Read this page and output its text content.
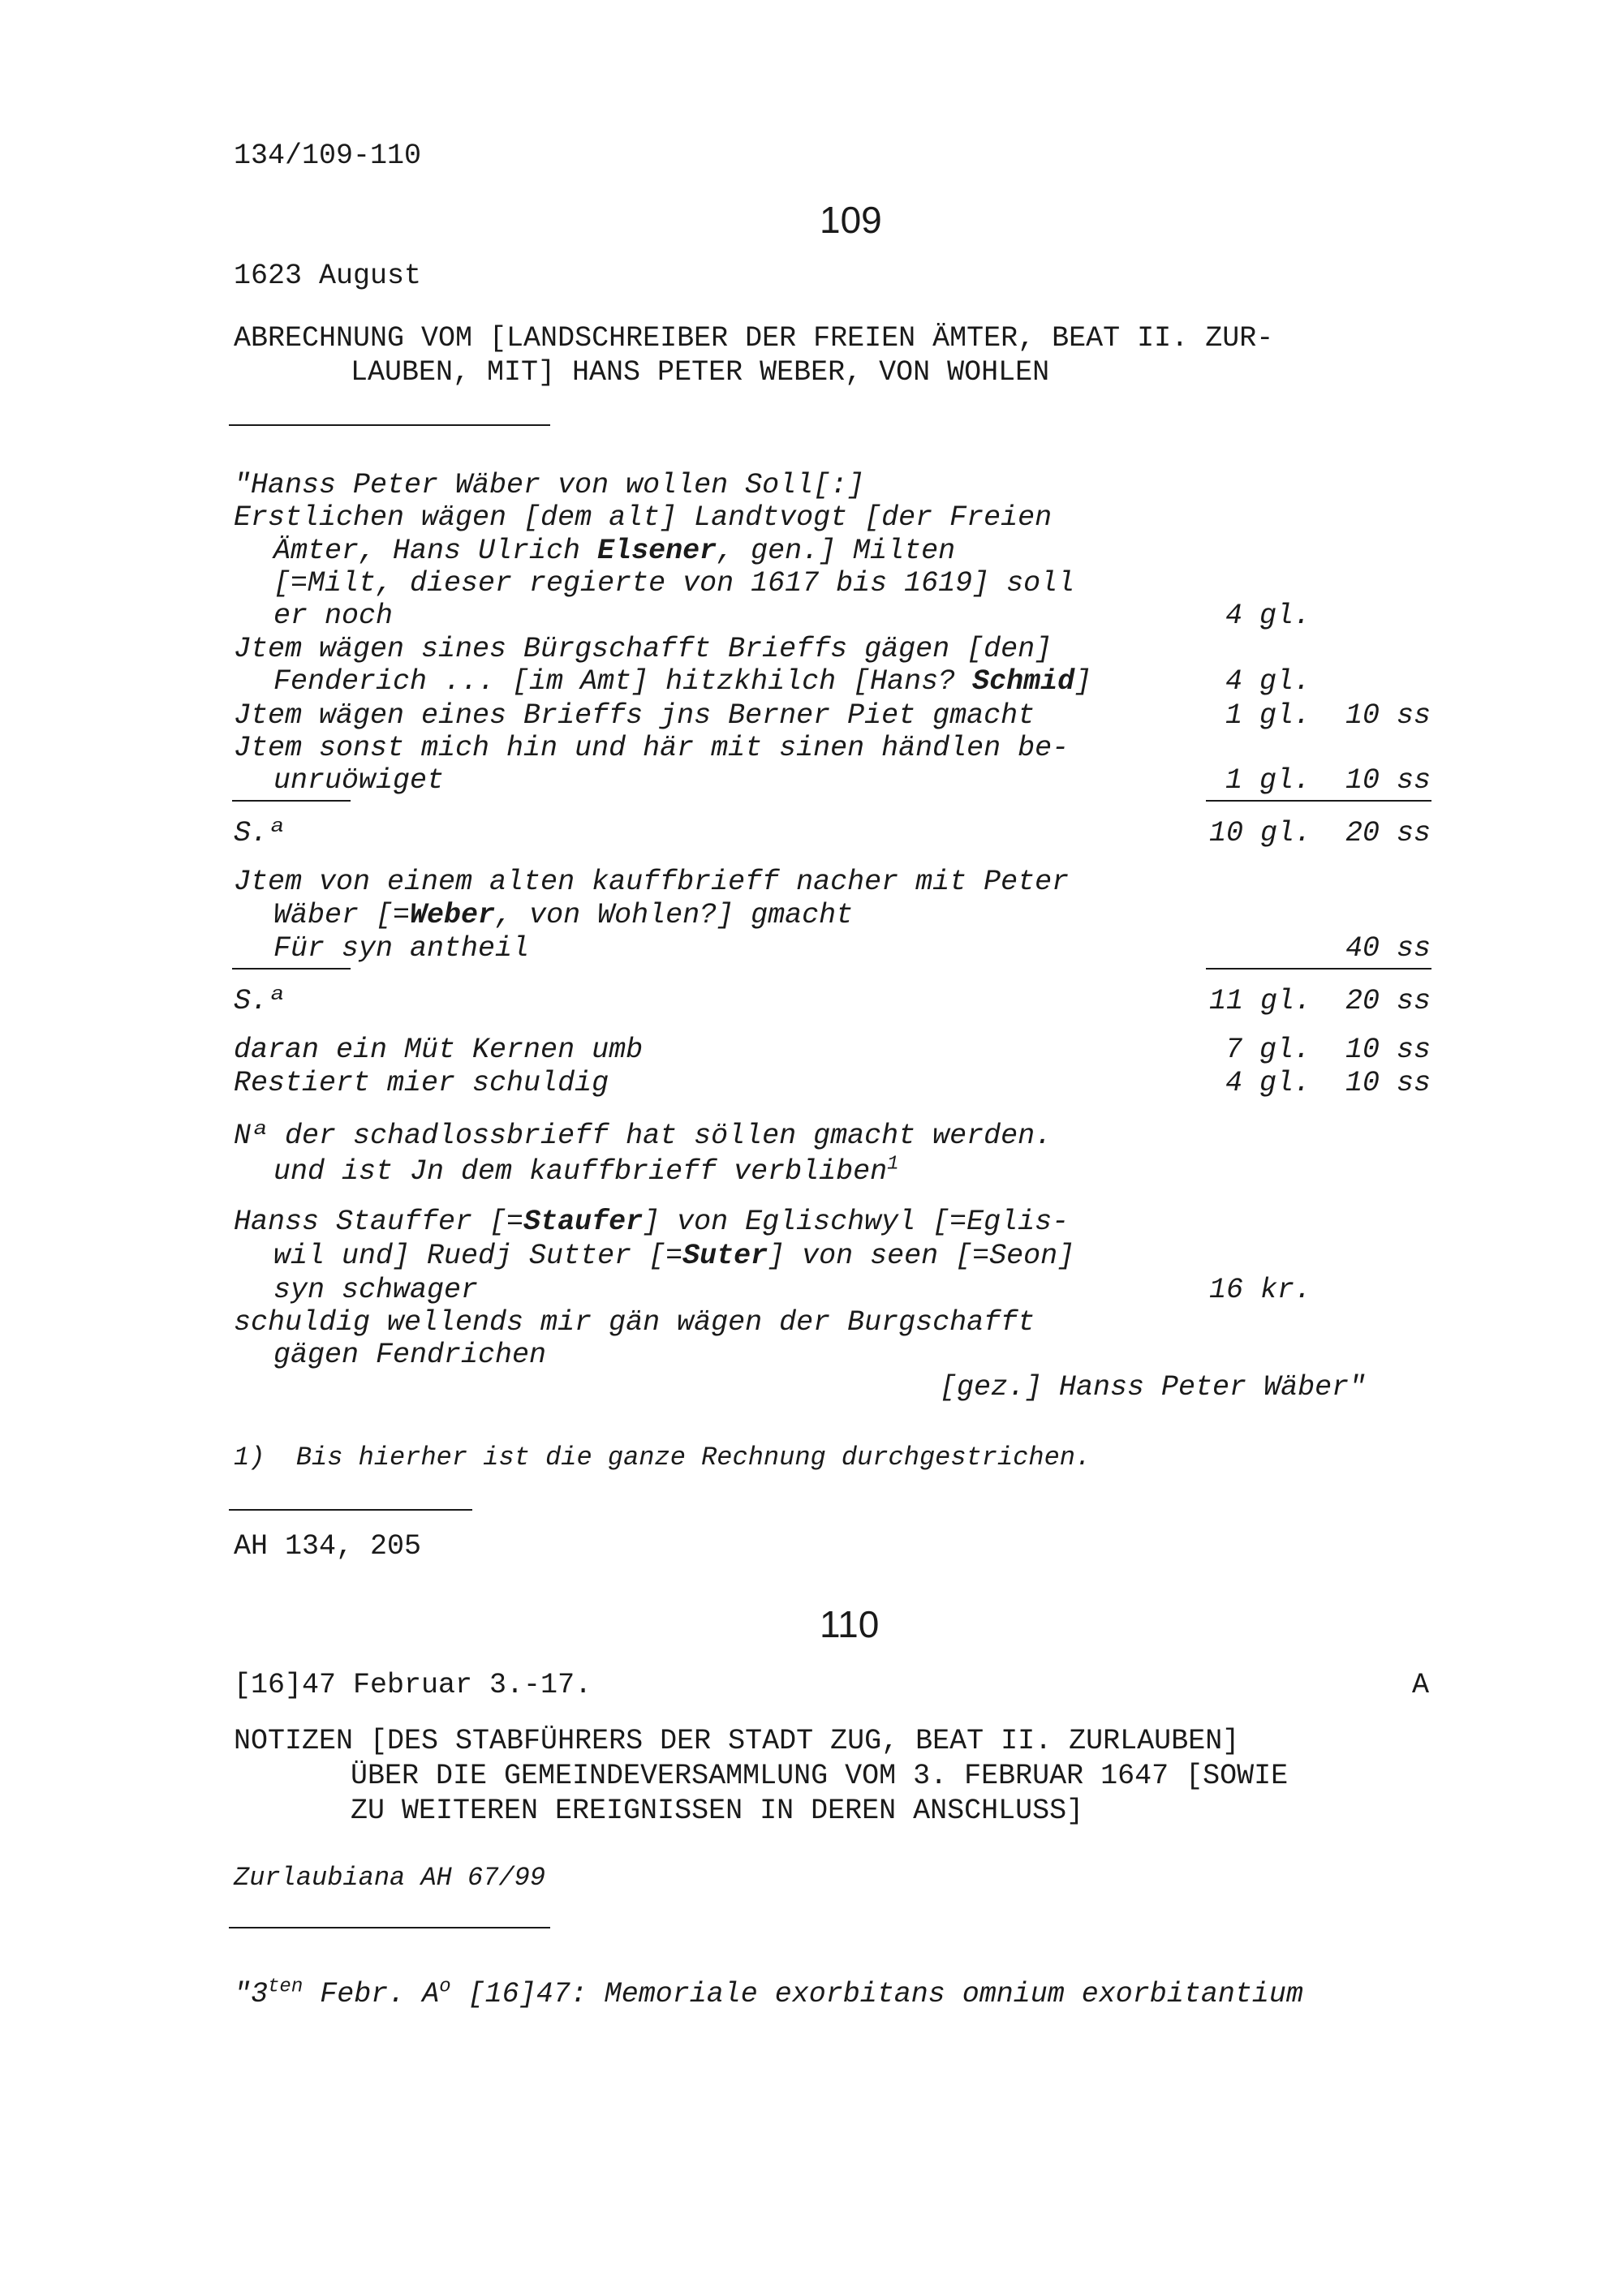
134/109-110
109
1623 August
ABRECHNUNG VOM [LANDSCHREIBER DER FREIEN ÄMTER, BEAT II. ZUR-
LAUBEN, MIT] HANS PETER WEBER, VON WOHLEN
"Hanss Peter Wäber von wollen Soll[:]
Erstlichen wägen [dem alt] Landtvogt [der Freien
Ämter, Hans Ulrich Elsener, gen.] Milten
[=Milt, dieser regierte von 1617 bis 1619] soll
er noch	4 gl.
Jtem wägen sines Bürgschafft Brieffs gägen [den]
Fenderich ... [im Amt] hitzkhilch [Hans? Schmid]	4 gl.
Jtem wägen eines Brieffs jns Berner Piet gmacht	1 gl. 10 ss
Jtem sonst mich hin und här mit sinen händlen be-
unruöwiget	1 gl. 10 ss
S.ª	10 gl. 20 ss
Jtem von einem alten kauffbrieff nacher mit Peter
Wäber [=Weber, von Wohlen?] gmacht
Für syn antheil	40 ss
S.ª	11 gl. 20 ss
daran ein Müt Kernen umb	7 gl. 10 ss
Restiert mier schuldig	4 gl. 10 ss
Nª der schadlossbrieff hat söllen gmacht werden.
und ist Jn dem kauffbrieff verbliben$^1$
Hanss Stauffer [=Staufer] von Eglischwyl [=Eglis-
wil und] Ruedj Sutter [=Suter] von seen [=Seon]
syn schwager	16 kr.
schuldig wellends mir gän wägen der Burgschafft
gägen Fendrichen
[gez.] Hanss Peter Wäber"
1)  Bis hierher ist die ganze Rechnung durchgestrichen.
AH 134, 205
110
[16]47 Februar 3.-17.	A
NOTIZEN [DES STABFÜHRERS DER STADT ZUG, BEAT II. ZURLAUBEN]
ÜBER DIE GEMEINDEVERSAMMLUNG VOM 3. FEBRUAR 1647 [SOWIE
ZU WEITEREN EREIGNISSEN IN DEREN ANSCHLUSS]
Zurlaubiana AH 67/99
"$3^{ten}$ Febr. $A^o$ [16]47: Memoriale exorbitans omnium exorbitantium
